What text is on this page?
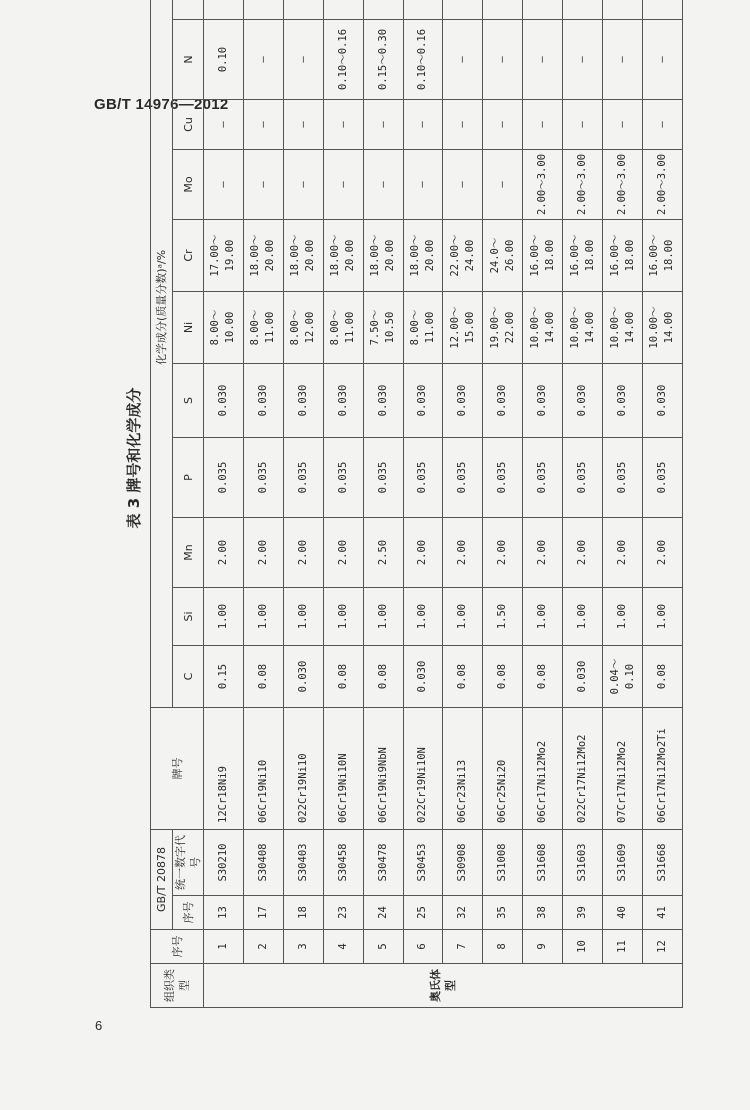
GB/T 14976—2012
表 3 牌号和化学成分
组织类型	序号	GB/T 20878		牌号	化学成分(质量分数)ᵃ/%										
		序号	统一数字代号		C	Si	Mn	P	S	Ni	Cr	Mo	Cu	N	

奥氏体型	1	13	S30210	12Cr18Ni9	0.15	1.00	2.00	0.035	0.030	8.00～10.00	17.00～19.00	—	—	0.10	
	2	17	S30408	06Cr19Ni10	0.08	1.00	2.00	0.035	0.030	8.00～11.00	18.00～20.00	—	—	—	
	3	18	S30403	022Cr19Ni10	0.030	1.00	2.00	0.035	0.030	8.00～12.00	18.00～20.00	—	—	—	
	4	23	S30458	06Cr19Ni10N	0.08	1.00	2.00	0.035	0.030	8.00～11.00	18.00～20.00	—	—	0.10～0.16	
	5	24	S30478	06Cr19Ni9NbN	0.08	1.00	2.50	0.035	0.030	7.50～10.50	18.00～20.00	—	—	0.15～0.30	
	6	25	S30453	022Cr19Ni10N	0.030	1.00	2.00	0.035	0.030	8.00～11.00	18.00～20.00	—	—	0.10～0.16	
	7	32	S30908	06Cr23Ni13	0.08	1.00	2.00	0.035	0.030	12.00～15.00	22.00～24.00	—	—	—	
	8	35	S31008	06Cr25Ni20	0.08	1.50	2.00	0.035	0.030	19.00～22.00	24.0～26.00	—	—	—	
	9	38	S31608	06Cr17Ni12Mo2	0.08	1.00	2.00	0.035	0.030	10.00～14.00	16.00～18.00	2.00～3.00	—	—	
	10	39	S31603	022Cr17Ni12Mo2	0.030	1.00	2.00	0.035	0.030	10.00～14.00	16.00～18.00	2.00～3.00	—	—	
	11	40	S31609	07Cr17Ni12Mo2	0.04～0.10	1.00	2.00	0.035	0.030	10.00～14.00	16.00～18.00	2.00～3.00	—	—	
	12	41	S31668	06Cr17Ni12Mo2Ti	0.08	1.00	2.00	0.035	0.030	10.00～14.00	16.00～18.00	2.00～3.00	—	—	
6
